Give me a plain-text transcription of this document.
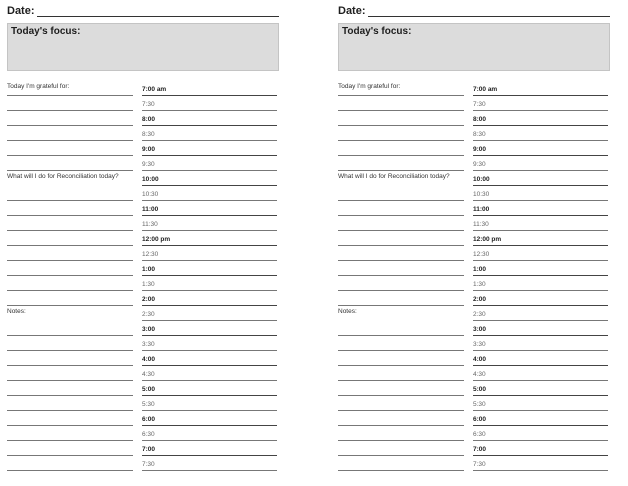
Date:
Today's focus:
Today I'm grateful for:
What will I do for Reconciliation today?
Notes:
7:00 am
7:30
8:00
8:30
9:00
9:30
10:00
10:30
11:00
11:30
12:00 pm
12:30
1:00
1:30
2:00
2:30
3:00
3:30
4:00
4:30
5:00
5:30
6:00
6:30
7:00
7:30
Date:
Today's focus:
Today I'm grateful for:
What will I do for Reconciliation today?
Notes:
7:00 am
7:30
8:00
8:30
9:00
9:30
10:00
10:30
11:00
11:30
12:00 pm
12:30
1:00
1:30
2:00
2:30
3:00
3:30
4:00
4:30
5:00
5:30
6:00
6:30
7:00
7:30
